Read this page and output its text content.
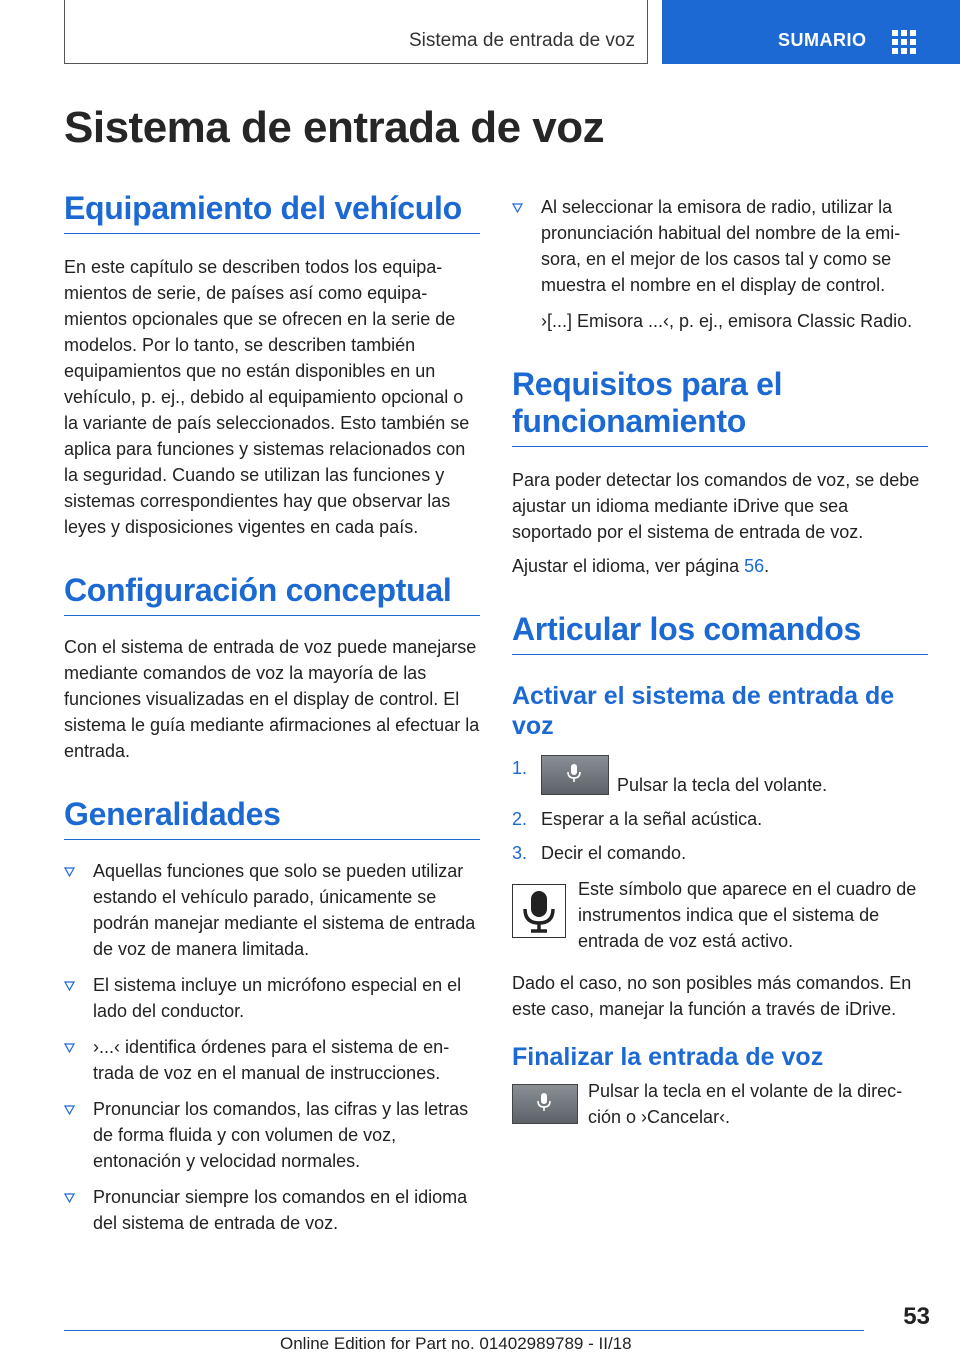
Sistema de entrada de voz	SUMARIO
Sistema de entrada de voz
Equipamiento del vehículo

En este capítulo se describen todos los equipamientos de serie, de países así como equipamientos opcionales que se ofrecen en la serie de modelos. Por lo tanto, se describen también equipamientos que no están disponibles en un vehículo, p. ej., debido al equipamiento opcional o la variante de país seleccionados. Esto también se aplica para funciones y sistemas relacionados con la seguridad. Cuando se utilizan las funciones y sistemas correspondientes hay que observar las leyes y disposiciones vigentes en cada país.

Configuración conceptual

Con el sistema de entrada de voz puede manejarse mediante comandos de voz la mayoría de las funciones visualizadas en el display de control. El sistema le guía mediante afirmaciones al efectuar la entrada.

Generalidades
Aquellas funciones que solo se pueden utilizar estando el vehículo parado, únicamente se podrán manejar mediante el sistema de entrada de voz de manera limitada.
El sistema incluye un micrófono especial en el lado del conductor.
›...‹ identifica órdenes para el sistema de entrada de voz en el manual de instrucciones.
Pronunciar los comandos, las cifras y las letras de forma fluida y con volumen de voz, entonación y velocidad normales.
Pronunciar siempre los comandos en el idioma del sistema de entrada de voz.
Al seleccionar la emisora de radio, utilizar la pronunciación habitual del nombre de la emisora, en el mejor de los casos tal y como se muestra el nombre en el display de control.

›[...] Emisora ...‹, p. ej., emisora Classic Radio.

Requisitos para el funcionamiento

Para poder detectar los comandos de voz, se debe ajustar un idioma mediante iDrive que sea soportado por el sistema de entrada de voz.

Ajustar el idioma, ver página 56.

Articular los comandos
Activar el sistema de entrada de voz
1.
Pulsar la tecla del volante.
2. Esperar a la señal acústica.
3. Decir el comando.

Este símbolo que aparece en el cuadro de instrumentos indica que el sistema de entrada de voz está activo.

Dado el caso, no son posibles más comandos. En este caso, manejar la función a través de iDrive.

Finalizar la entrada de voz

Pulsar la tecla en el volante de la dirección o ›Cancelar‹.

53
Online Edition for Part no. 01402989789 - II/18
